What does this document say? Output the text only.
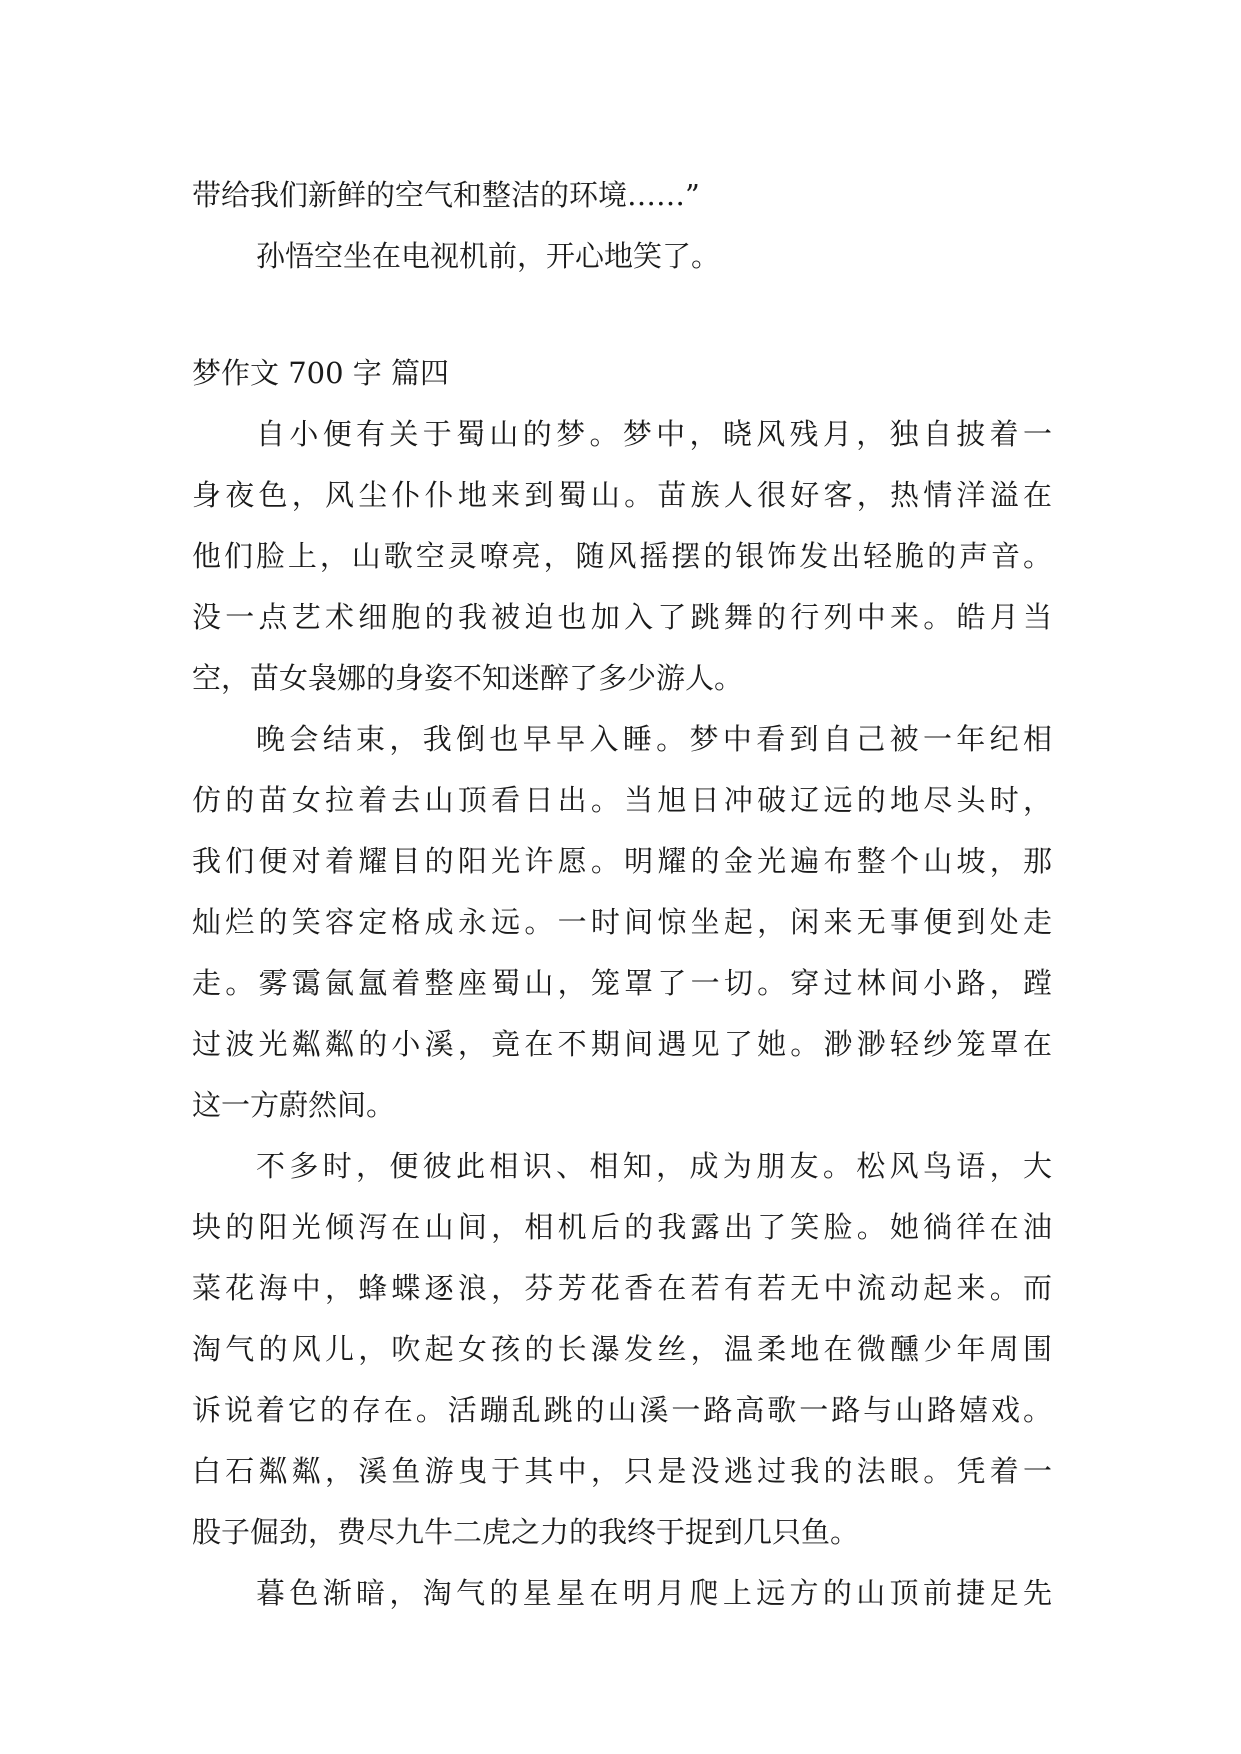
带给我们新鲜的空气和整洁的环境……”
孙悟空坐在电视机前，开心地笑了。
梦作文 700 字 篇四
自小便有关于蜀山的梦。梦中，晓风残月，独自披着一
身夜色，风尘仆仆地来到蜀山。苗族人很好客，热情洋溢在
他们脸上，山歌空灵嘹亮，随风摇摆的银饰发出轻脆的声音。
没一点艺术细胞的我被迫也加入了跳舞的行列中来。皓月当
空，苗女袅娜的身姿不知迷醉了多少游人。
晚会结束，我倒也早早入睡。梦中看到自己被一年纪相
仿的苗女拉着去山顶看日出。当旭日冲破辽远的地尽头时，
我们便对着耀目的阳光许愿。明耀的金光遍布整个山坡，那
灿烂的笑容定格成永远。一时间惊坐起，闲来无事便到处走
走。雾霭氤氲着整座蜀山，笼罩了一切。穿过林间小路，蹚
过波光粼粼的小溪，竟在不期间遇见了她。渺渺轻纱笼罩在
这一方蔚然间。
不多时，便彼此相识、相知，成为朋友。松风鸟语，大
块的阳光倾泻在山间，相机后的我露出了笑脸。她徜徉在油
菜花海中，蜂蝶逐浪，芬芳花香在若有若无中流动起来。而
淘气的风儿，吹起女孩的长瀑发丝，温柔地在微醺少年周围
诉说着它的存在。活蹦乱跳的山溪一路高歌一路与山路嬉戏。
白石粼粼，溪鱼游曳于其中，只是没逃过我的法眼。凭着一
股子倔劲，费尽九牛二虎之力的我终于捉到几只鱼。
暮色渐暗，淘气的星星在明月爬上远方的山顶前捷足先
